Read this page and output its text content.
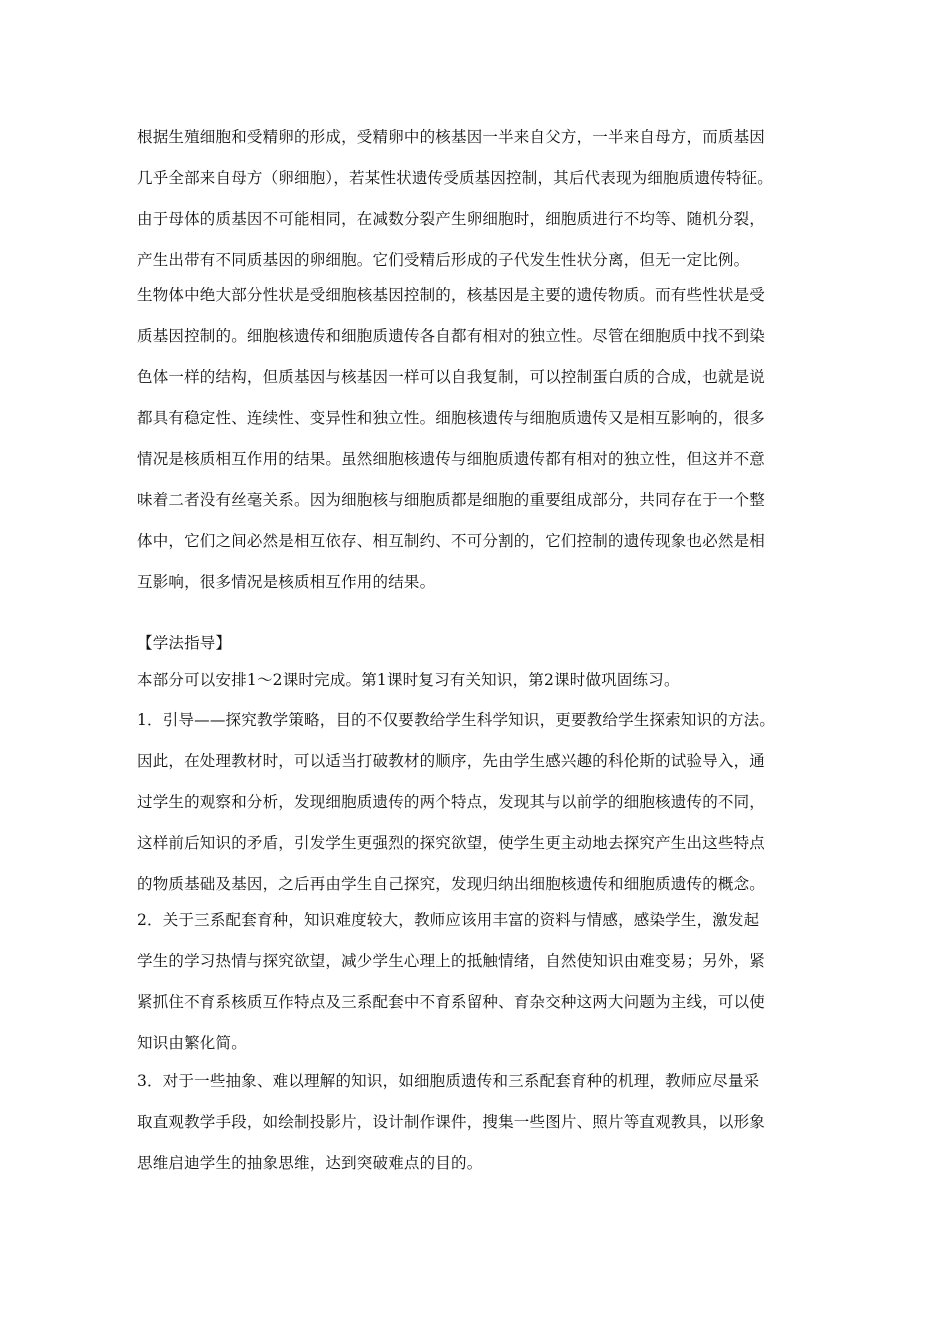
根据生殖细胞和受精卵的形成，受精卵中的核基因一半来自父方，一半来自母方，而质基因
几乎全部来自母方（卵细胞），若某性状遗传受质基因控制，其后代表现为细胞质遗传特征。
由于母体的质基因不可能相同，在减数分裂产生卵细胞时，细胞质进行不均等、随机分裂，
产生出带有不同质基因的卵细胞。它们受精后形成的子代发生性状分离，但无一定比例。
生物体中绝大部分性状是受细胞核基因控制的，核基因是主要的遗传物质。而有些性状是受
质基因控制的。细胞核遗传和细胞质遗传各自都有相对的独立性。尽管在细胞质中找不到染
色体一样的结构，但质基因与核基因一样可以自我复制，可以控制蛋白质的合成，也就是说
都具有稳定性、连续性、变异性和独立性。细胞核遗传与细胞质遗传又是相互影响的，很多
情况是核质相互作用的结果。虽然细胞核遗传与细胞质遗传都有相对的独立性，但这并不意
味着二者没有丝毫关系。因为细胞核与细胞质都是细胞的重要组成部分，共同存在于一个整
体中，它们之间必然是相互依存、相互制约、不可分割的，它们控制的遗传现象也必然是相
互影响，很多情况是核质相互作用的结果。
【学法指导】
本部分可以安排1～2课时完成。第1课时复习有关知识，第2课时做巩固练习。
1．引导——探究教学策略，目的不仅要教给学生科学知识，更要教给学生探索知识的方法。
因此，在处理教材时，可以适当打破教材的顺序，先由学生感兴趣的科伦斯的试验导入，通
过学生的观察和分析，发现细胞质遗传的两个特点，发现其与以前学的细胞核遗传的不同，
这样前后知识的矛盾，引发学生更强烈的探究欲望，使学生更主动地去探究产生出这些特点
的物质基础及基因，之后再由学生自己探究，发现归纳出细胞核遗传和细胞质遗传的概念。
2．关于三系配套育种，知识难度较大，教师应该用丰富的资料与情感，感染学生，激发起
学生的学习热情与探究欲望，减少学生心理上的抵触情绪，自然使知识由难变易；另外，紧
紧抓住不育系核质互作特点及三系配套中不育系留种、育杂交种这两大问题为主线，可以使
知识由繁化简。
3．对于一些抽象、难以理解的知识，如细胞质遗传和三系配套育种的机理，教师应尽量采
取直观教学手段，如绘制投影片，设计制作课件，搜集一些图片、照片等直观教具，以形象
思维启迪学生的抽象思维，达到突破难点的目的。
